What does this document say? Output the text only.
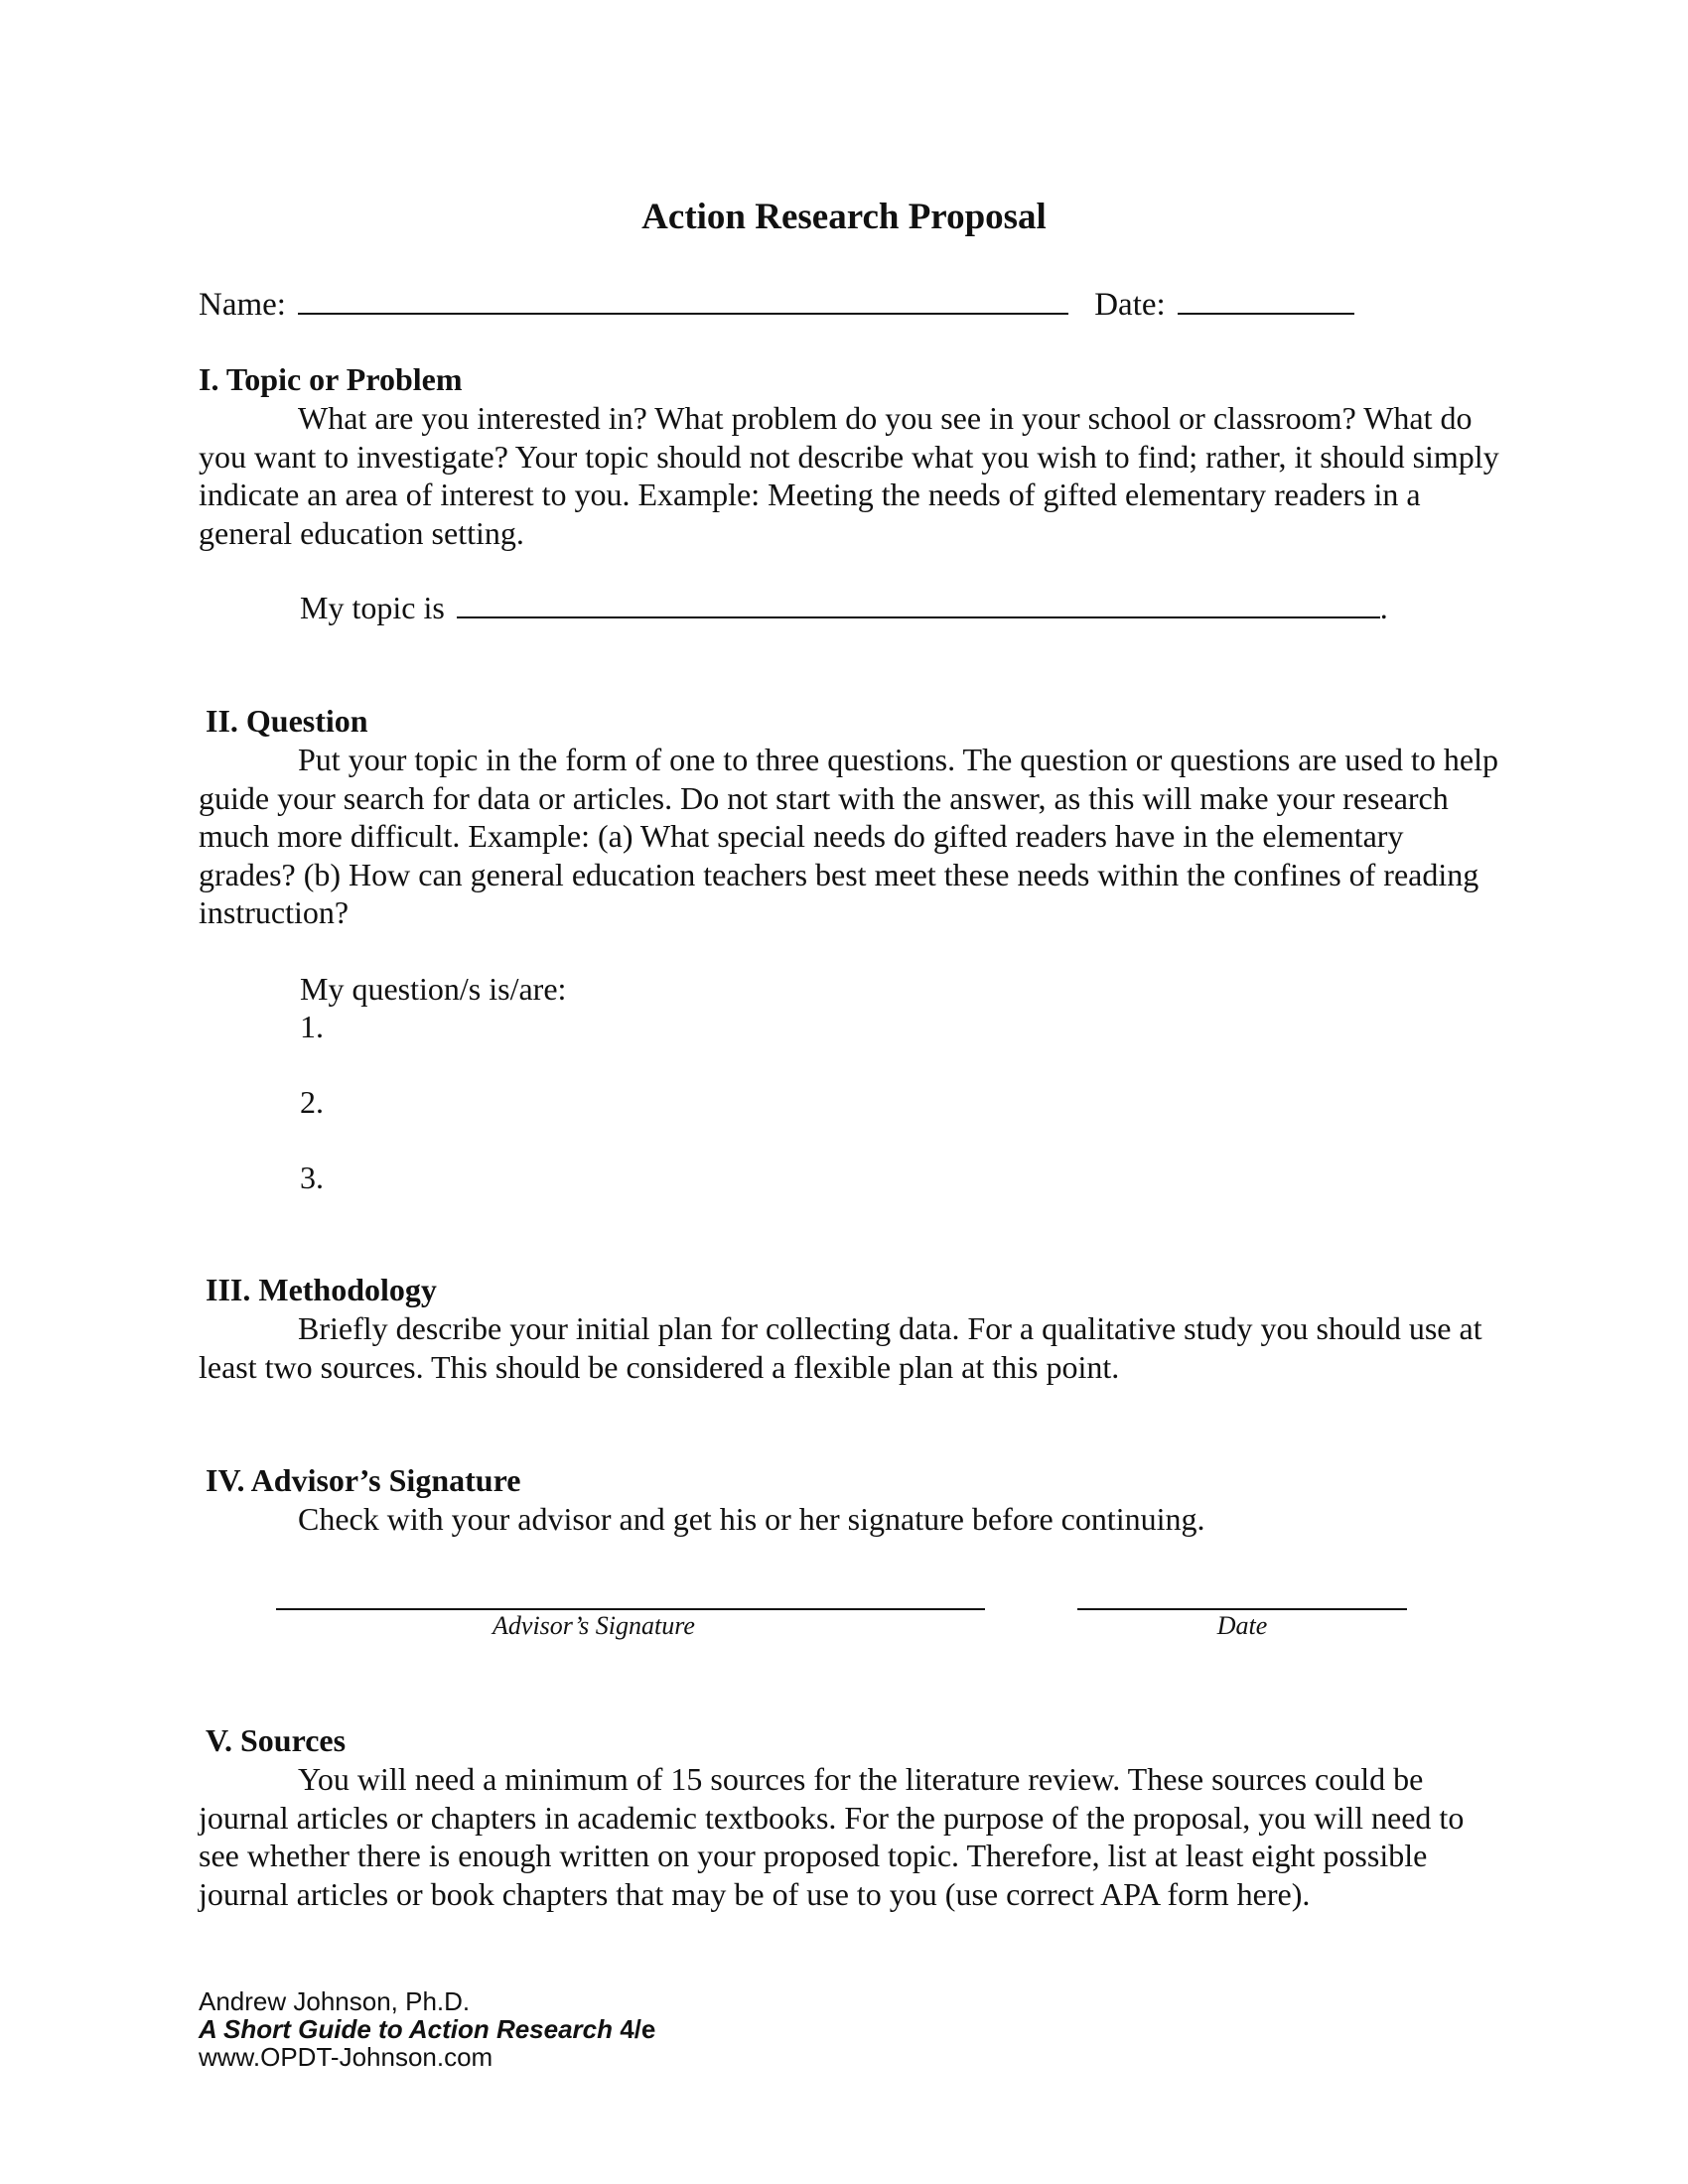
Action Research Proposal
Name:	Date:
I. Topic or Problem

What are you interested in? What problem do you see in your school or classroom? What do you want to investigate? Your topic should not describe what you wish to find; rather, it should simply indicate an area of interest to you. Example: Meeting the needs of gifted elementary readers in a general education setting.

My topic is	.
II. Question

Put your topic in the form of one to three questions. The question or questions are used to help guide your search for data or articles. Do not start with the answer, as this will make your research much more difficult. Example: (a) What special needs do gifted readers have in the elementary grades? (b) How can general education teachers best meet these needs within the confines of reading instruction?

My question/s is/are:
1.
2.
3.
III. Methodology

Briefly describe your initial plan for collecting data. For a qualitative study you should use at least two sources. This should be considered a flexible plan at this point.

IV. Advisor’s Signature

Check with your advisor and get his or her signature before continuing.

Advisor’s Signature	Date
V. Sources

You will need a minimum of 15 sources for the literature review. These sources could be journal articles or chapters in academic textbooks. For the purpose of the proposal, you will need to see whether there is enough written on your proposed topic. Therefore, list at least eight possible journal articles or book chapters that may be of use to you (use correct APA form here).

Andrew Johnson, Ph.D.
A Short Guide to Action Research 4/e
www.OPDT-Johnson.com
